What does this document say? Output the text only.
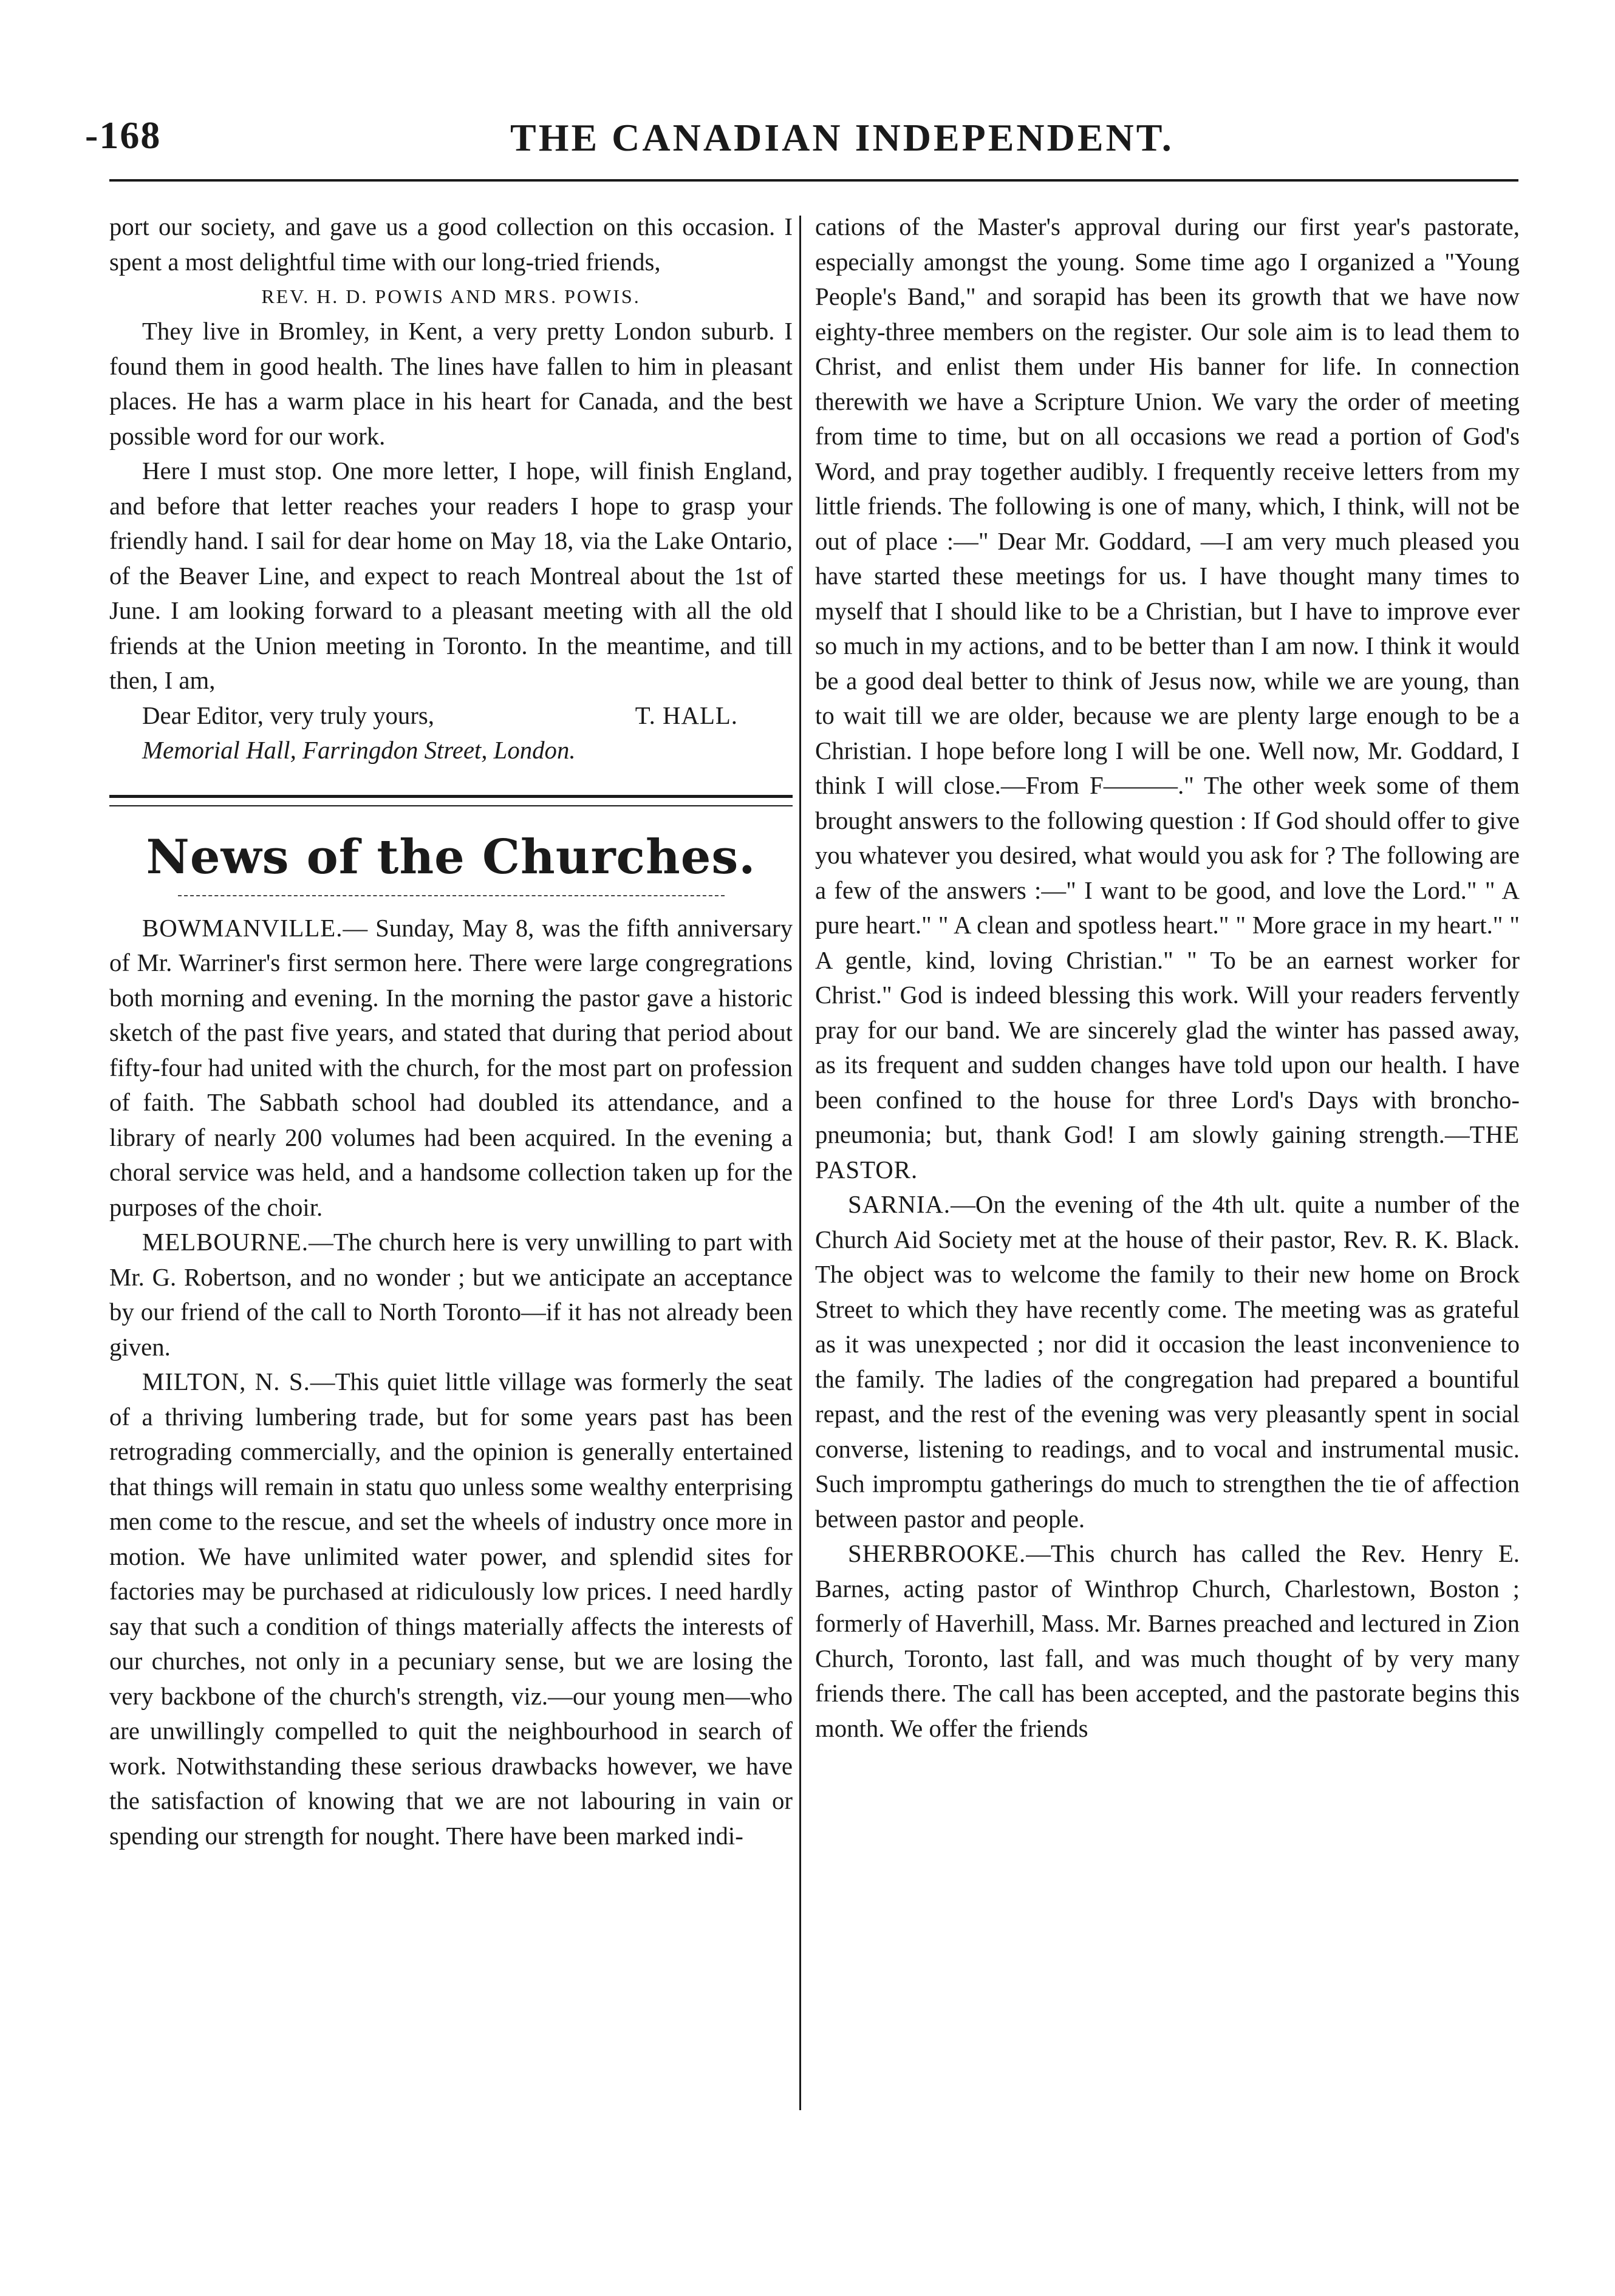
-168	THE CANADIAN INDEPENDENT.

port our society, and gave us a good collection on this occasion. I spent a most delightful time with our long-tried friends,

REV. H. D. POWIS AND MRS. POWIS.

They live in Bromley, in Kent, a very pretty London suburb. I found them in good health. The lines have fallen to him in pleasant places. He has a warm place in his heart for Canada, and the best possible word for our work.

Here I must stop. One more letter, I hope, will finish England, and before that letter reaches your readers I hope to grasp your friendly hand. I sail for dear home on May 18, via the Lake Ontario, of the Beaver Line, and expect to reach Montreal about the 1st of June. I am looking forward to a pleasant meeting with all the old friends at the Union meeting in Toronto. In the meantime, and till then, I am,

Dear Editor, very truly yours,	T. HALL.

Memorial Hall, Farringdon Street, London.

News of the Churches.

BOWMANVILLE.— Sunday, May 8, was the fifth anniversary of Mr. Warriner's first sermon here. There were large congregrations both morning and evening. In the morning the pastor gave a historic sketch of the past five years, and stated that during that period about fifty-four had united with the church, for the most part on profession of faith. The Sabbath school had doubled its attendance, and a library of nearly 200 volumes had been acquired. In the evening a choral service was held, and a handsome collection taken up for the purposes of the choir.

MELBOURNE.—The church here is very unwilling to part with Mr. G. Robertson, and no wonder ; but we anticipate an acceptance by our friend of the call to North Toronto—if it has not already been given.

MILTON, N. S.—This quiet little village was formerly the seat of a thriving lumbering trade, but for some years past has been retrograding commercially, and the opinion is generally entertained that things will remain in statu quo unless some wealthy enterprising men come to the rescue, and set the wheels of industry once more in motion. We have unlimited water power, and splendid sites for factories may be purchased at ridiculously low prices. I need hardly say that such a condition of things materially affects the interests of our churches, not only in a pecuniary sense, but we are losing the very backbone of the church's strength, viz.—our young men—who are unwillingly compelled to quit the neighbourhood in search of work. Notwithstanding these serious drawbacks however, we have the satisfaction of knowing that we are not labouring in vain or spending our strength for nought. There have been marked indi-

cations of the Master's approval during our first year's pastorate, especially amongst the young. Some time ago I organized a "Young People's Band," and sorapid has been its growth that we have now eighty-three members on the register. Our sole aim is to lead them to Christ, and enlist them under His banner for life. In connection therewith we have a Scripture Union. We vary the order of meeting from time to time, but on all occasions we read a portion of God's Word, and pray together audibly. I frequently receive letters from my little friends. The following is one of many, which, I think, will not be out of place :—" Dear Mr. Goddard, —I am very much pleased you have started these meetings for us. I have thought many times to myself that I should like to be a Christian, but I have to improve ever so much in my actions, and to be better than I am now. I think it would be a good deal better to think of Jesus now, while we are young, than to wait till we are older, because we are plenty large enough to be a Christian. I hope before long I will be one. Well now, Mr. Goddard, I think I will close.—From F———." The other week some of them brought answers to the following question : If God should offer to give you whatever you desired, what would you ask for ? The following are a few of the answers :—" I want to be good, and love the Lord." " A pure heart." " A clean and spotless heart." " More grace in my heart." " A gentle, kind, loving Christian." " To be an earnest worker for Christ." God is indeed blessing this work. Will your readers fervently pray for our band. We are sincerely glad the winter has passed away, as its frequent and sudden changes have told upon our health. I have been confined to the house for three Lord's Days with broncho-pneumonia; but, thank God! I am slowly gaining strength.—THE PASTOR.

SARNIA.—On the evening of the 4th ult. quite a number of the Church Aid Society met at the house of their pastor, Rev. R. K. Black. The object was to welcome the family to their new home on Brock Street to which they have recently come. The meeting was as grateful as it was unexpected ; nor did it occasion the least inconvenience to the family. The ladies of the congregation had prepared a bountiful repast, and the rest of the evening was very pleasantly spent in social converse, listening to readings, and to vocal and instrumental music. Such impromptu gatherings do much to strengthen the tie of affection between pastor and people.

SHERBROOKE.—This church has called the Rev. Henry E. Barnes, acting pastor of Winthrop Church, Charlestown, Boston ; formerly of Haverhill, Mass. Mr. Barnes preached and lectured in Zion Church, Toronto, last fall, and was much thought of by very many friends there. The call has been accepted, and the pastorate begins this month. We offer the friends
